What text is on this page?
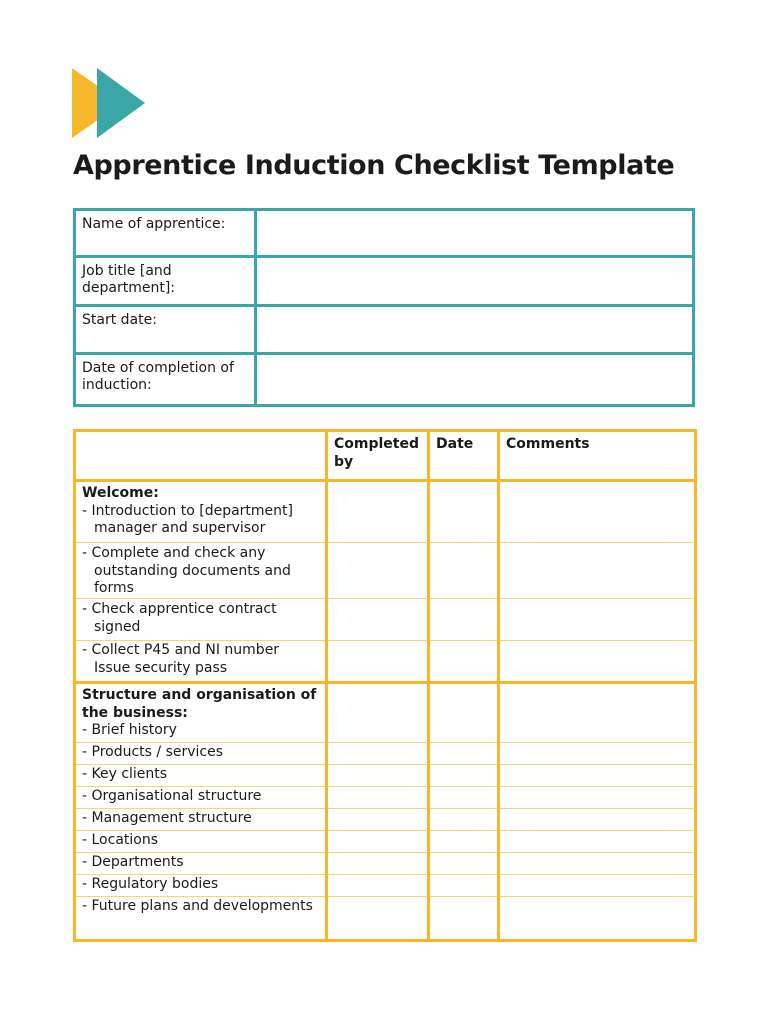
Apprentice Induction Checklist Template
Name of apprentice:	
Job title [and department]:	
Start date:	
Date of completion of induction:	
	Completed by	Date	Comments

Welcome:
- Introduction to [department] manager and supervisor			

- Complete and check any outstanding documents and forms			

- Check apprentice contract signed			

- Collect P45 and NI number
Issue security pass			

Structure and organisation of the business:
- Brief history			

- Products / services			

- Key clients			

- Organisational structure			

- Management structure			

- Locations			

- Departments			

- Regulatory bodies			

- Future plans and developments			
